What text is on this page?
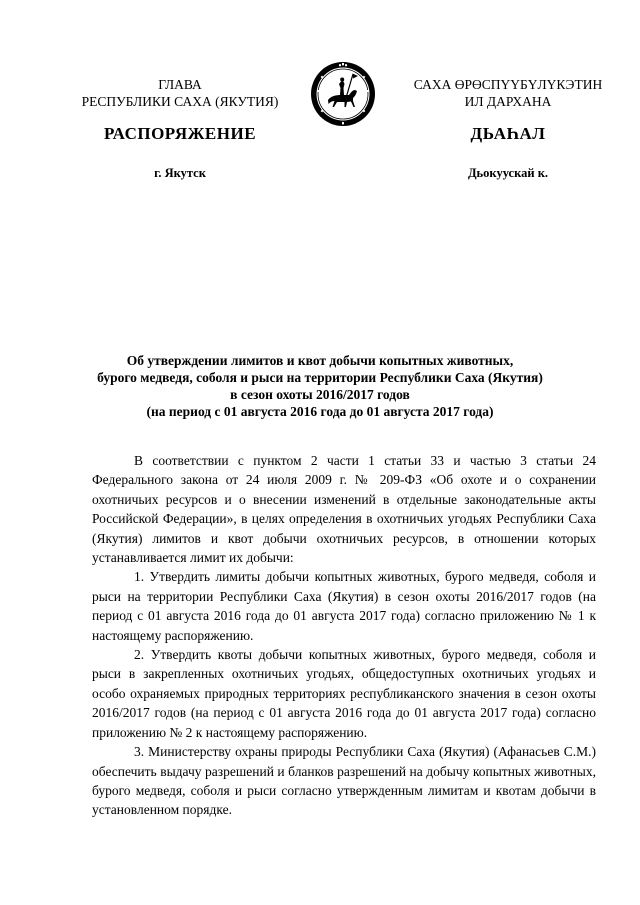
ГЛАВА
РЕСПУБЛИКИ САХА (ЯКУТИЯ)
САХА ӨРӨСПҮҮБҮЛҮКЭТИН
ИЛ ДАРХАНА
РАСПОРЯЖЕНИЕ	ДЬАҺАЛ
г. Якутск	Дьокуускай к.
Об утверждении лимитов и квот добычи копытных животных,
бурого медведя, соболя и рыси на территории Республики Саха (Якутия)
в сезон охоты 2016/2017 годов
(на период с 01 августа 2016 года до 01 августа 2017 года)

В соответствии с пунктом 2 части 1 статьи 33 и частью 3 статьи 24 Федерального закона от 24 июля 2009 г. № 209-ФЗ «Об охоте и о сохранении охотничьих ресурсов и о внесении изменений в отдельные законодательные акты Российской Федерации», в целях определения в охотничьих угодьях Республики Саха (Якутия) лимитов и квот добычи охотничьих ресурсов, в отношении которых устанавливается лимит их добычи:

1. Утвердить лимиты добычи копытных животных, бурого медведя, соболя и рыси на территории Республики Саха (Якутия) в сезон охоты 2016/2017 годов (на период с 01 августа 2016 года до 01 августа 2017 года) согласно приложению № 1 к настоящему распоряжению.

2. Утвердить квоты добычи копытных животных, бурого медведя, соболя и рыси в закрепленных охотничьих угодьях, общедоступных охотничьих угодьях и особо охраняемых природных территориях республиканского значения в сезон охоты 2016/2017 годов (на период с 01 августа 2016 года до 01 августа 2017 года) согласно приложению № 2 к настоящему распоряжению.

3. Министерству охраны природы Республики Саха (Якутия) (Афанасьев С.М.) обеспечить выдачу разрешений и бланков разрешений на добычу копытных животных, бурого медведя, соболя и рыси согласно утвержденным лимитам и квотам добычи в установленном порядке.
